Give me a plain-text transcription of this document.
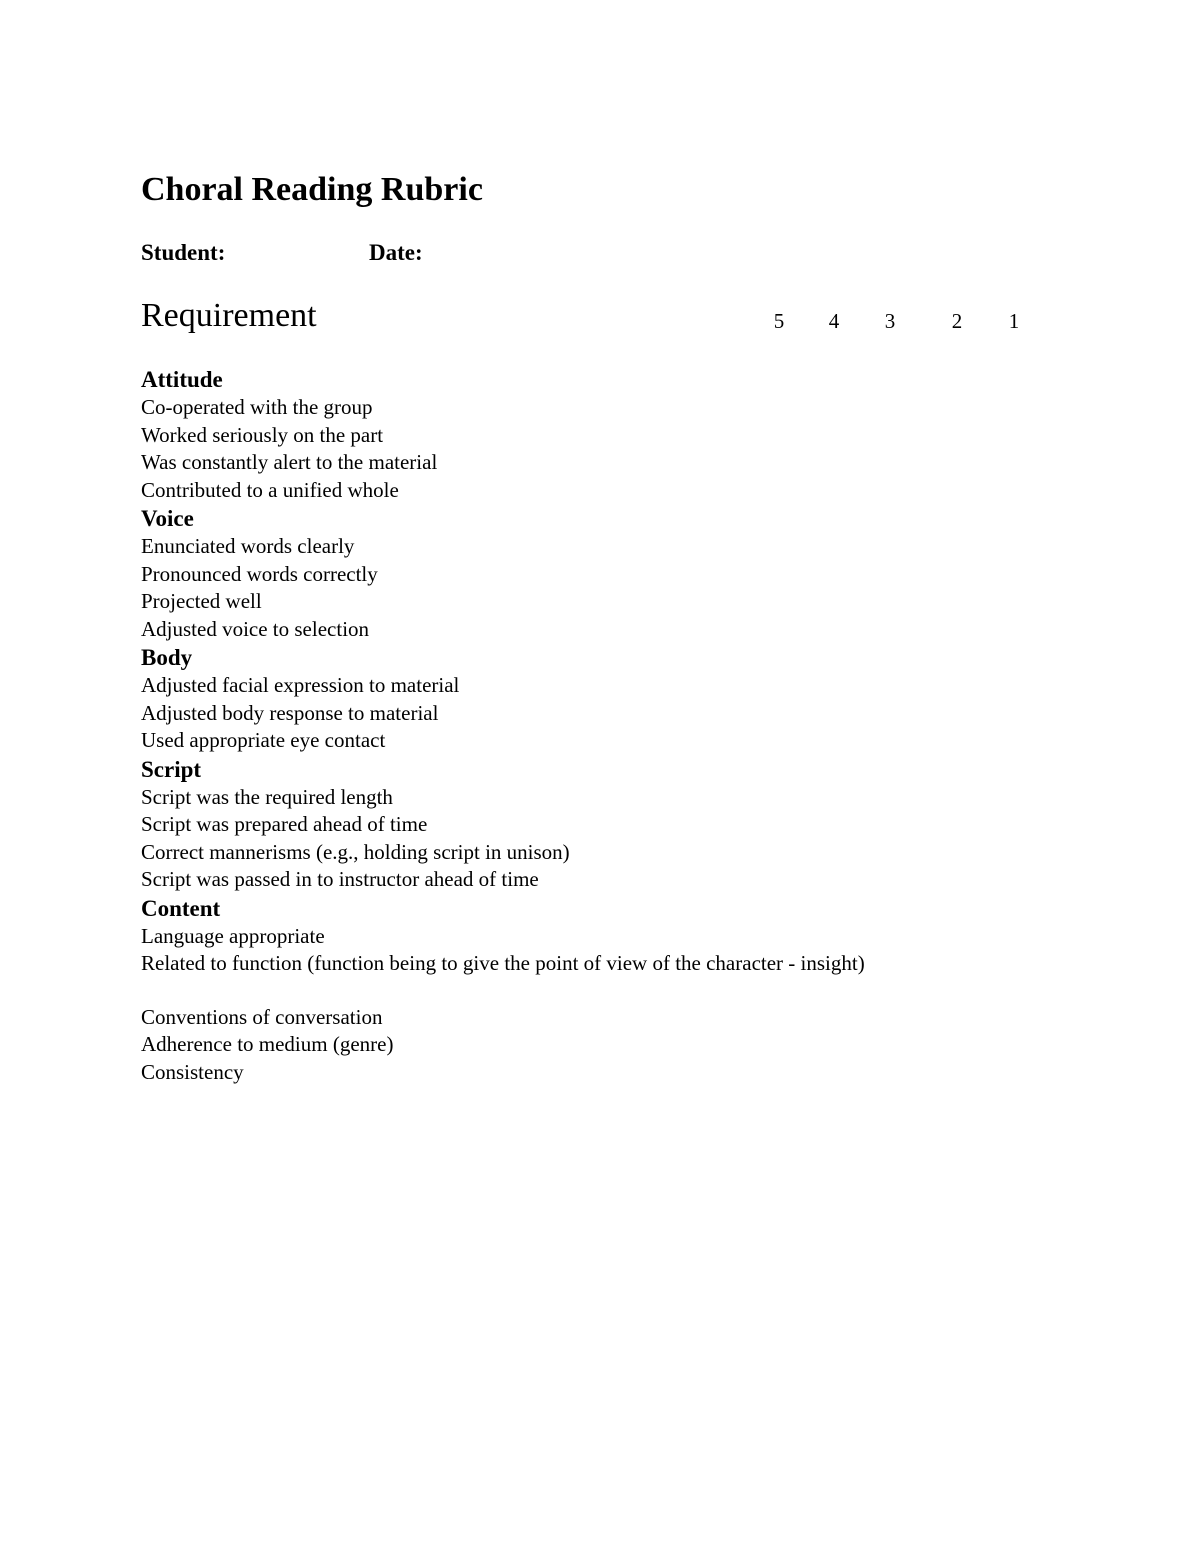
Choral Reading Rubric
Student:	Date:
Requirement	5 4 3	2 1
Attitude
Co-operated with the group
Worked seriously on the part
Was constantly alert to the material
Contributed to a unified whole
Voice
Enunciated words clearly
Pronounced words correctly
Projected well
Adjusted voice to selection
Body
Adjusted facial expression to material
Adjusted body response to material
Used appropriate eye contact
Script
Script was the required length
Script was prepared ahead of time
Correct mannerisms (e.g., holding script in unison)
Script was passed in to instructor ahead of time
Content
Language appropriate
Related to function (function being to give the point of view of the character - insight)
Conventions of conversation
Adherence to medium (genre)
Consistency
